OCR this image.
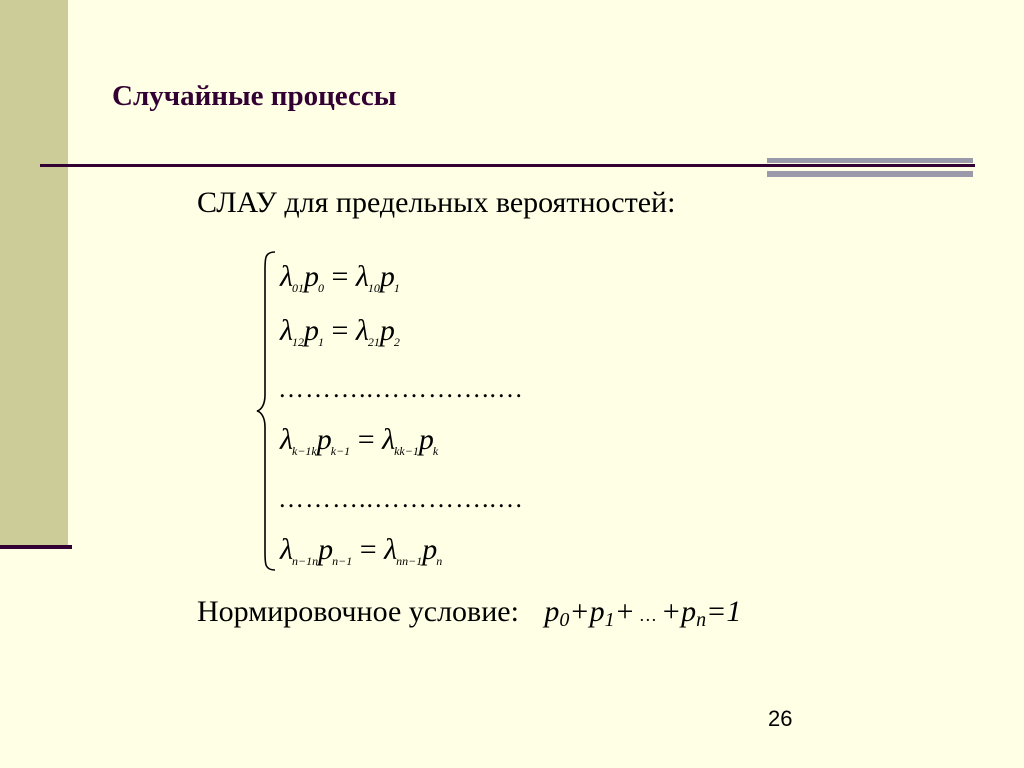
Случайные процессы
СЛАУ для предельных вероятностей:
$\lambda_{01}p_0 = \lambda_{10}p_1$
$\lambda_{12}p_1 = \lambda_{21}p_2$
………..…………..…
$\lambda_{k-1k}p_{k-1} = \lambda_{kk-1}p_k$
………..…………..…
$\lambda_{n-1n}p_{n-1} = \lambda_{nn-1}p_n$
Нормировочное условие: $p_0+p_1+$ … $+p_n=1$
26
